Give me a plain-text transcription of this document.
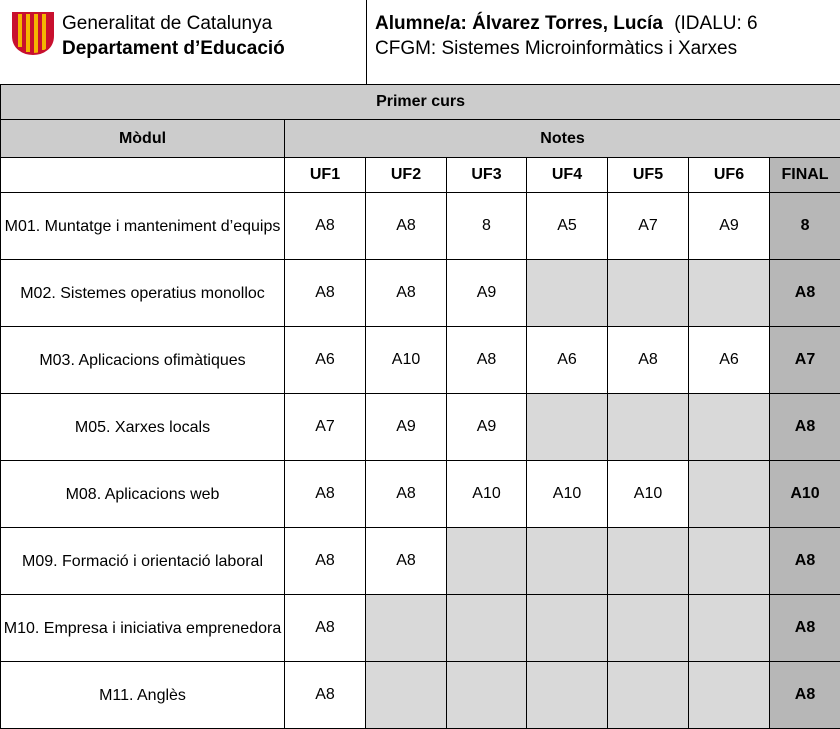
Generalitat de Catalunya
Departament d’Educació
Alumne/a: Álvarez Torres, Lucía (IDALU: 6
CFGM: Sistemes Microinformàtics i Xarxes
Primer curs							
Mòdul	Notes						
	UF1	UF2	UF3	UF4	UF5	UF6	FINAL
M01. Muntatge i manteniment d’equips	A8	A8	8	A5	A7	A9	8
M02. Sistemes operatius monolloc	A8	A8	A9				A8
M03. Aplicacions ofimàtiques	A6	A10	A8	A6	A8	A6	A7
M05. Xarxes locals	A7	A9	A9				A8
M08. Aplicacions web	A8	A8	A10	A10	A10		A10
M09. Formació i orientació laboral	A8	A8					A8
M10. Empresa i iniciativa emprenedora	A8						A8
M11. Anglès	A8						A8
